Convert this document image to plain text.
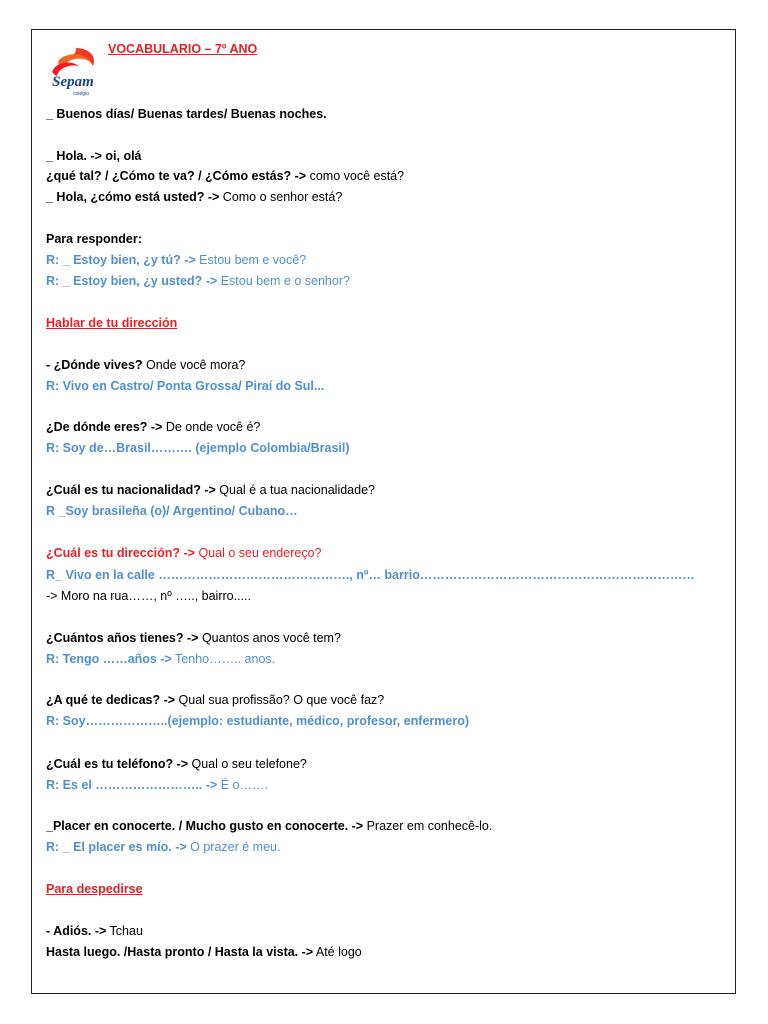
Sepam
colégio
VOCABULARIO – 7º ANO
_ Buenos días/ Buenas tardes/ Buenas noches.
_ Hola. -> oi, olá
¿qué tal? / ¿Cómo te va? / ¿Cómo estás? -> como você está?
_ Hola, ¿cómo está usted? -> Como o senhor está?
Para responder:
R: _ Estoy bien, ¿y tú? -> Estou bem e você?
R: _ Estoy bien, ¿y usted? -> Estou bem e o senhor?
Hablar de tu dirección
- ¿Dónde vives? Onde você mora?
R: Vivo en Castro/ Ponta Grossa/ Piraí do Sul...
¿De dónde eres? -> De onde você é?
R: Soy de…Brasil………. (ejemplo Colombia/Brasil)
¿Cuál es tu nacionalidad? -> Qual é a tua nacionalidade?
R _Soy brasileña (o)/ Argentino/ Cubano…
¿Cuál es tu dirección? -> Qual o seu endereço?
R_ Vivo en la calle ………………………………………., nº… barrio…………………………………………………………
-> Moro na rua……, nº ….., bairro.....
¿Cuántos años tienes? -> Quantos anos você tem?
R: Tengo ……años -> Tenho…….. anos.
¿A qué te dedicas? -> Qual sua profissão? O que você faz?
R: Soy………………..(ejemplo: estudiante, médico, profesor, enfermero)
¿Cuál es tu teléfono? -> Qual o seu telefone?
R: Es el …………………….. -> É o…….
_Placer en conocerte. / Mucho gusto en conocerte. -> Prazer em conhecê-lo.
R: _ El placer es mío. -> O prazer é meu.
Para despedirse
- Adiós. -> Tchau
Hasta luego. /Hasta pronto / Hasta la vista. -> Até logo
